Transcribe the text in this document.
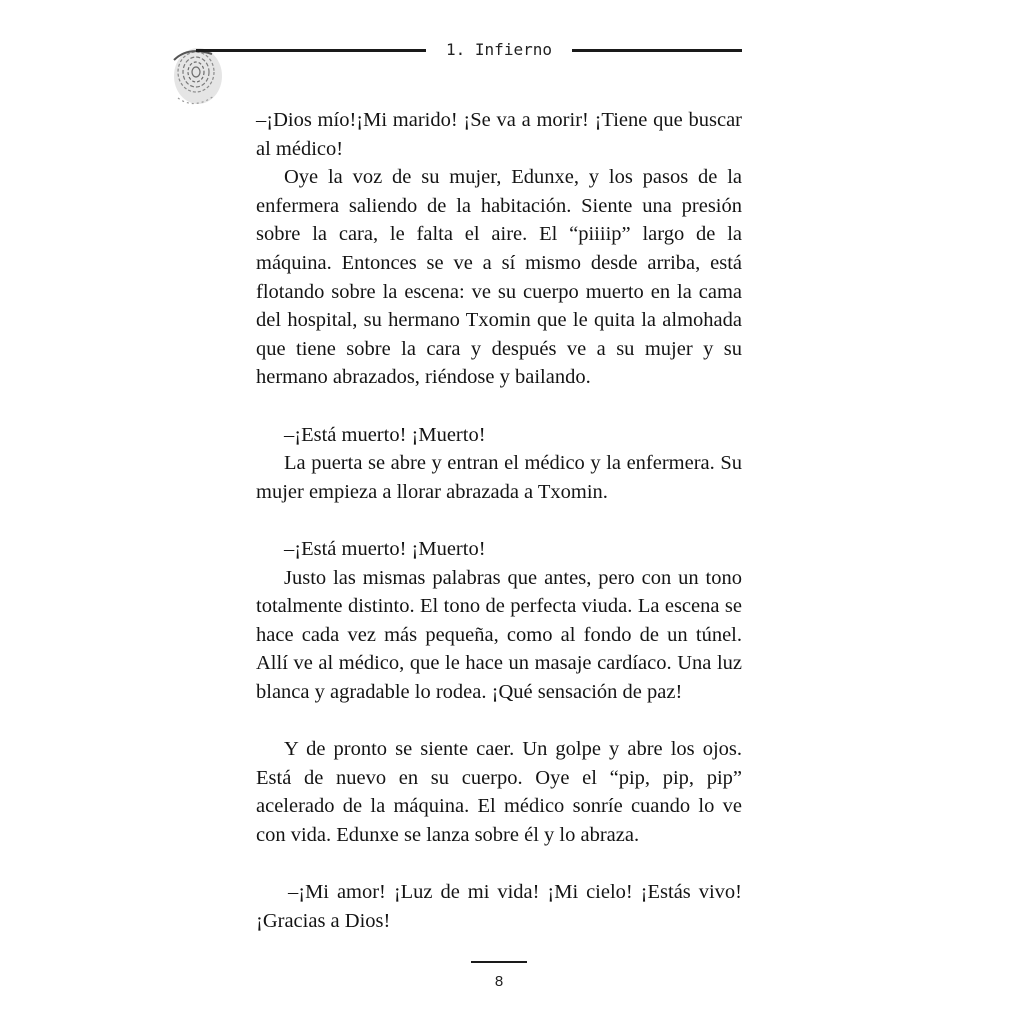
1. Infierno

–¡Dios mío!¡Mi marido! ¡Se va a morir! ¡Tiene que buscar al médico!

Oye la voz de su mujer, Edunxe, y los pasos de la enfermera saliendo de la habitación. Siente una presión sobre la cara, le falta el aire. El “piiiip” largo de la máquina. Entonces se ve a sí mismo desde arriba, está flotando sobre la escena: ve su cuerpo muerto en la cama del hospital, su hermano Txomin que le quita la almohada que tiene sobre la cara y después ve a su mujer y su hermano abrazados, riéndose y bailando.

–¡Está muerto! ¡Muerto!

La puerta se abre y entran el médico y la enfermera. Su mujer empieza a llorar abrazada a Txomin.

–¡Está muerto! ¡Muerto!

Justo las mismas palabras que antes, pero con un tono totalmente distinto. El tono de perfecta viuda. La escena se hace cada vez más pequeña, como al fondo de un túnel. Allí ve al médico, que le hace un masaje cardíaco. Una luz blanca y agradable lo rodea. ¡Qué sensación de paz!

Y de pronto se siente caer. Un golpe y abre los ojos. Está de nuevo en su cuerpo. Oye el “pip, pip, pip” acelerado de la máquina. El médico sonríe cuando lo ve con vida. Edunxe se lanza sobre él y lo abraza.

–¡Mi amor! ¡Luz de mi vida! ¡Mi cielo! ¡Estás vivo! ¡Gracias a Dios!

8
